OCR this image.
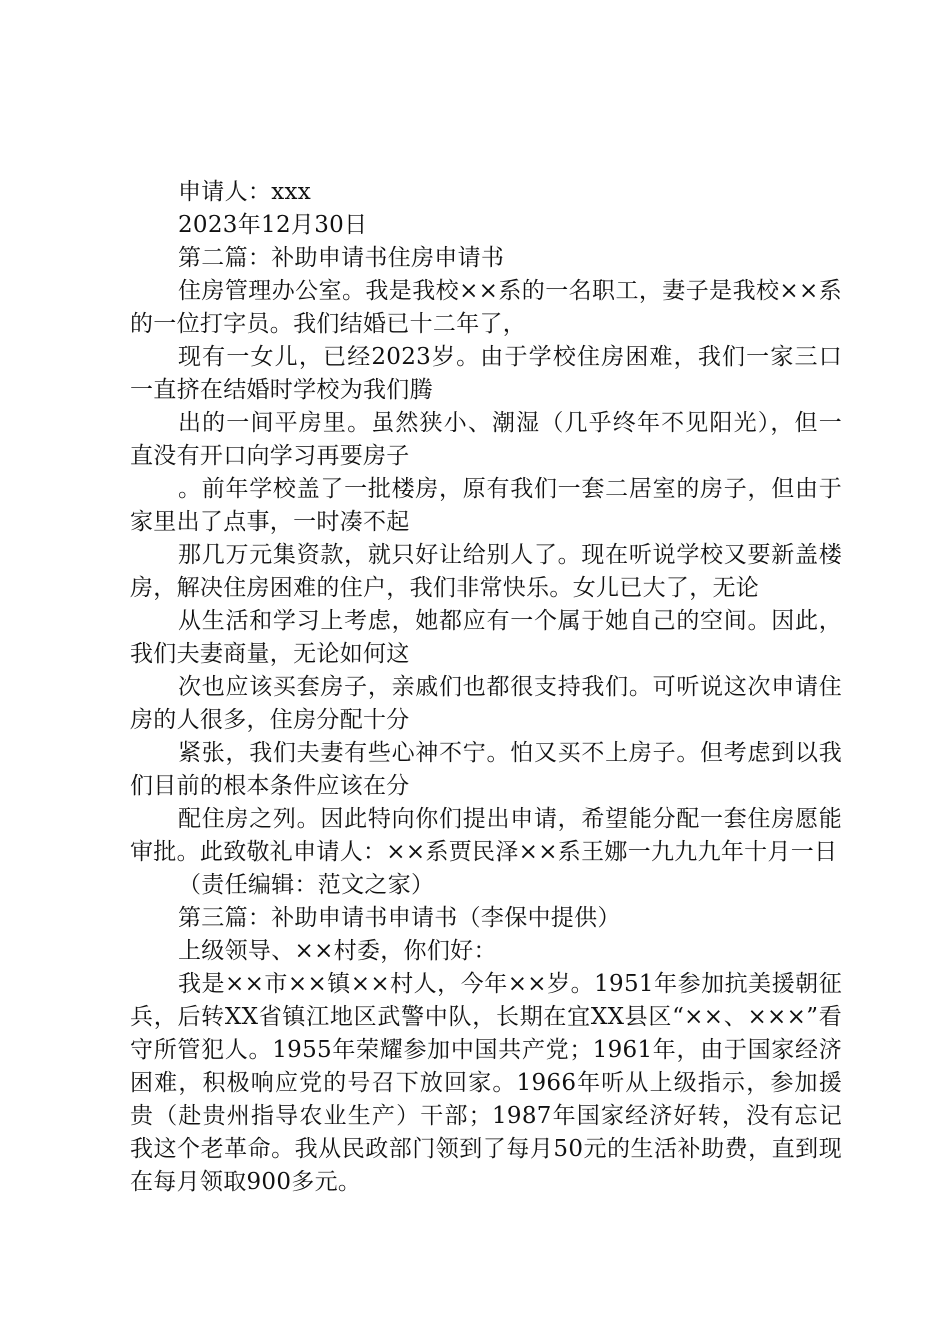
申请人：xxx

2023年12月30日

第二篇：补助申请书住房申请书

住房管理办公室。我是我校××系的一名职工，妻子是我校××系的一位打字员。我们结婚已十二年了，

现有一女儿，已经2023岁。由于学校住房困难，我们一家三口一直挤在结婚时学校为我们腾

出的一间平房里。虽然狭小、潮湿（几乎终年不见阳光），但一直没有开口向学习再要房子

。前年学校盖了一批楼房，原有我们一套二居室的房子，但由于家里出了点事，一时凑不起

那几万元集资款，就只好让给别人了。现在听说学校又要新盖楼房，解决住房困难的住户，我们非常快乐。女儿已大了，无论

从生活和学习上考虑，她都应有一个属于她自己的空间。因此，我们夫妻商量，无论如何这

次也应该买套房子，亲戚们也都很支持我们。可听说这次申请住房的人很多，住房分配十分

紧张，我们夫妻有些心神不宁。怕又买不上房子。但考虑到以我们目前的根本条件应该在分

配住房之列。因此特向你们提出申请，希望能分配一套住房愿能审批。此致敬礼申请人：××系贾民泽××系王娜一九九九年十月一日

（责任编辑：范文之家）

第三篇：补助申请书申请书（李保中提供）

上级领导、××村委，你们好：

我是××市××镇××村人，今年××岁。1951年参加抗美援朝征兵，后转XX省镇江地区武警中队，长期在宜XX县区“××、×××”看守所管犯人。1955年荣耀参加中国共产党；1961年，由于国家经济困难，积极响应党的号召下放回家。1966年听从上级指示，参加援贵（赴贵州指导农业生产）干部；1987年国家经济好转，没有忘记我这个老革命。我从民政部门领到了每月50元的生活补助费，直到现在每月领取900多元。
